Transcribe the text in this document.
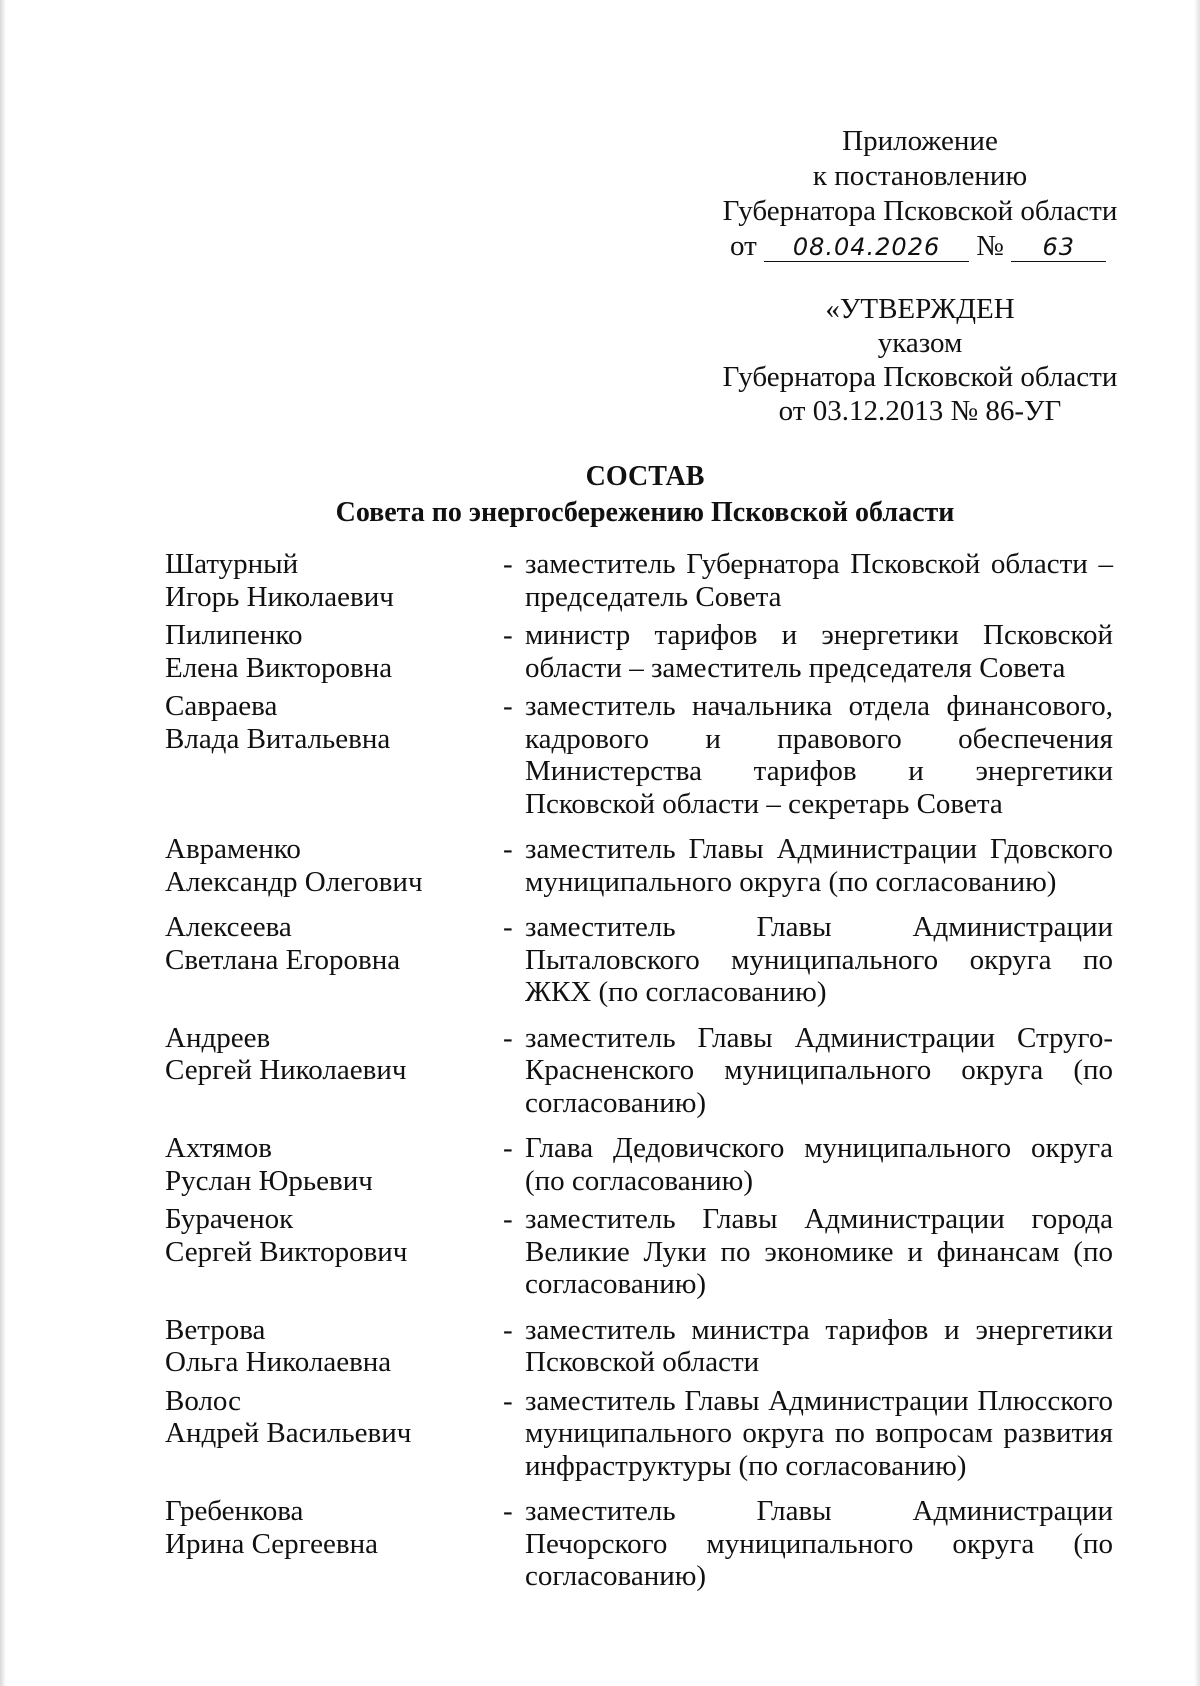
Приложение
к постановлению
Губернатора Псковской области
от 08.04.2026 № 63
«УТВЕРЖДЕН
указом
Губернатора Псковской области
от 03.12.2013 № 86-УГ
СОСТАВ
Совета по энергосбережению Псковской области
Шатурный
Игорь Николаевич
- заместитель Губернатора Псковской области – председатель Совета
Пилипенко
Елена Викторовна
- министр тарифов и энергетики Псковской области – заместитель председателя Совета
Савраева
Влада Витальевна
- заместитель начальника отдела финансового, кадрового и правового обеспечения Министерства тарифов и энергетики Псковской области – секретарь Совета
Авраменко
Александр Олегович
- заместитель Главы Администрации Гдовского муниципального округа (по согласованию)
Алексеева
Светлана Егоровна
- заместитель Главы Администрации Пыталовского муниципального округа по ЖКХ (по согласованию)
Андреев
Сергей Николаевич
- заместитель Главы Администрации Струго-Красненского муниципального округа (по согласованию)
Ахтямов
Руслан Юрьевич
- Глава Дедовичского муниципального округа (по согласованию)
Бураченок
Сергей Викторович
- заместитель Главы Администрации города Великие Луки по экономике и финансам (по согласованию)
Ветрова
Ольга Николаевна
- заместитель министра тарифов и энергетики Псковской области
Волос
Андрей Васильевич
- заместитель Главы Администрации Плюсского муниципального округа по вопросам развития инфраструктуры (по согласованию)
Гребенкова
Ирина Сергеевна
- заместитель Главы Администрации Печорского муниципального округа (по согласованию)
